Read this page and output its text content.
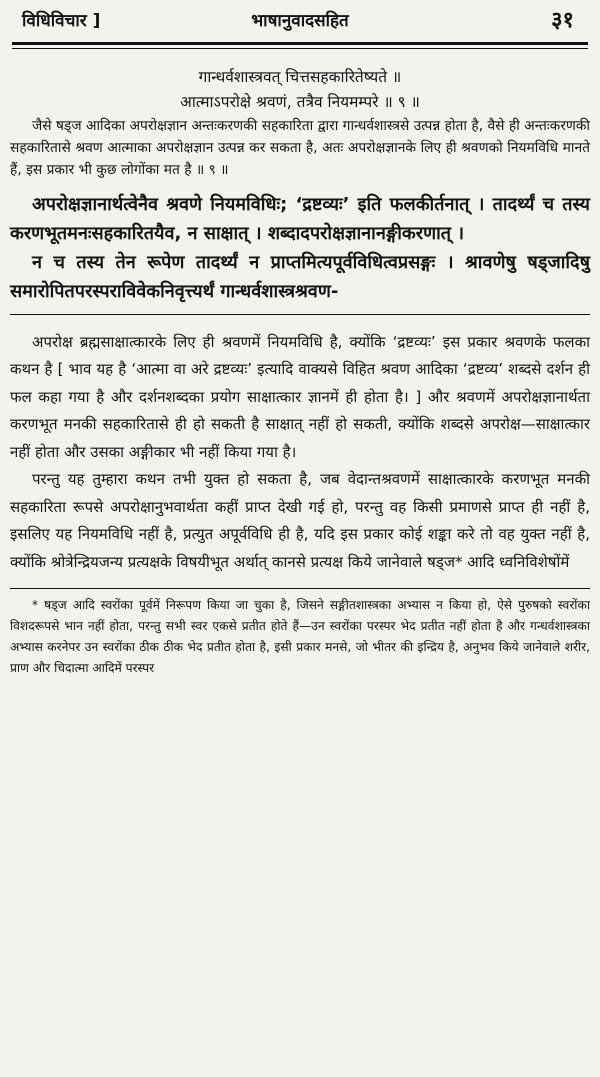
विधिविचार ]	भाषानुवादसहित	३१
गान्धर्वशास्त्रवत् चित्तसहकारितेष्यते ॥
आत्माऽपरोक्षे श्रवणं, तत्रैव नियमम्परे ॥ ९ ॥
जैसे षड्ज आदिका अपरोक्षज्ञान अन्तःकरणकी सहकारिता द्वारा गान्धर्वशास्त्रसे उत्पन्न होता है, वैसे ही अन्तःकरणकी सहकारितासे श्रवण आत्माका अपरोक्षज्ञान उत्पन्न कर सकता है, अतः अपरोक्षज्ञानके लिए ही श्रवणको नियमविधि मानते हैं, इस प्रकार भी कुछ लोगोंका मत है ॥ ९ ॥
अपरोक्षज्ञानार्थत्वेनैव श्रवणे नियमविधिः; ‘द्रष्टव्यः’ इति फलकीर्तनात् । तादर्थ्यं च तस्य करणभूतमनःसहकारितयैव, न साक्षात् । शब्दादपरोक्षज्ञानानङ्गीकरणात् ।
न च तस्य तेन रूपेण तादर्थ्यं न प्राप्तमित्यपूर्वविधित्वप्रसङ्गः । श्रावणेषु षड्जादिषु समारोपितपरस्पराविवेकनिवृत्त्यर्थं गान्धर्वशास्त्रश्रवण-

अपरोक्ष ब्रह्मसाक्षात्कारके लिए ही श्रवणमें नियमविधि है, क्योंकि ‘द्रष्टव्यः’ इस प्रकार श्रवणके फलका कथन है [ भाव यह है ‘आत्मा वा अरे द्रष्टव्यः’ इत्यादि वाक्यसे विहित श्रवण आदिका ‘द्रष्टव्य’ शब्दसे दर्शन ही फल कहा गया है और दर्शनशब्दका प्रयोग साक्षात्कार ज्ञानमें ही होता है। ] और श्रवणमें अपरोक्षज्ञानार्थता करणभूत मनकी सहकारितासे ही हो सकती है साक्षात् नहीं हो सकती, क्योंकि शब्दसे अपरोक्ष—साक्षात्कार नहीं होता और उसका अङ्गीकार भी नहीं किया गया है।

परन्तु यह तुम्हारा कथन तभी युक्त हो सकता है, जब वेदान्तश्रवणमें साक्षात्कारके करणभूत मनकी सहकारिता रूपसे अपरोक्षानुभवार्थता कहीं प्राप्त देखी गई हो, परन्तु वह किसी प्रमाणसे प्राप्त ही नहीं है, इसलिए यह नियमविधि नहीं है, प्रत्युत अपूर्वविधि ही है, यदि इस प्रकार कोई शङ्का करे तो वह युक्त नहीं है, क्योंकि श्रोत्रेन्द्रियजन्य प्रत्यक्षके विषयीभूत अर्थात् कानसे प्रत्यक्ष किये जानेवाले षड्ज* आदि ध्वनिविशेषोंमें

* षड्ज आदि स्वरोंका पूर्वमें निरूपण किया जा चुका है, जिसने सङ्गीतशास्त्रका अभ्यास न किया हो, ऐसे पुरुषको स्वरोंका विशदरूपसे भान नहीं होता, परन्तु सभी स्वर एकसे प्रतीत होते हैं—उन स्वरोंका परस्पर भेद प्रतीत नहीं होता है और गन्धर्वशास्त्रका अभ्यास करनेपर उन स्वरोंका ठीक ठीक भेद प्रतीत होता है, इसी प्रकार मनसे, जो भीतर की इन्द्रिय है, अनुभव किये जानेवाले शरीर, प्राण और चिदात्मा आदिमें परस्पर
